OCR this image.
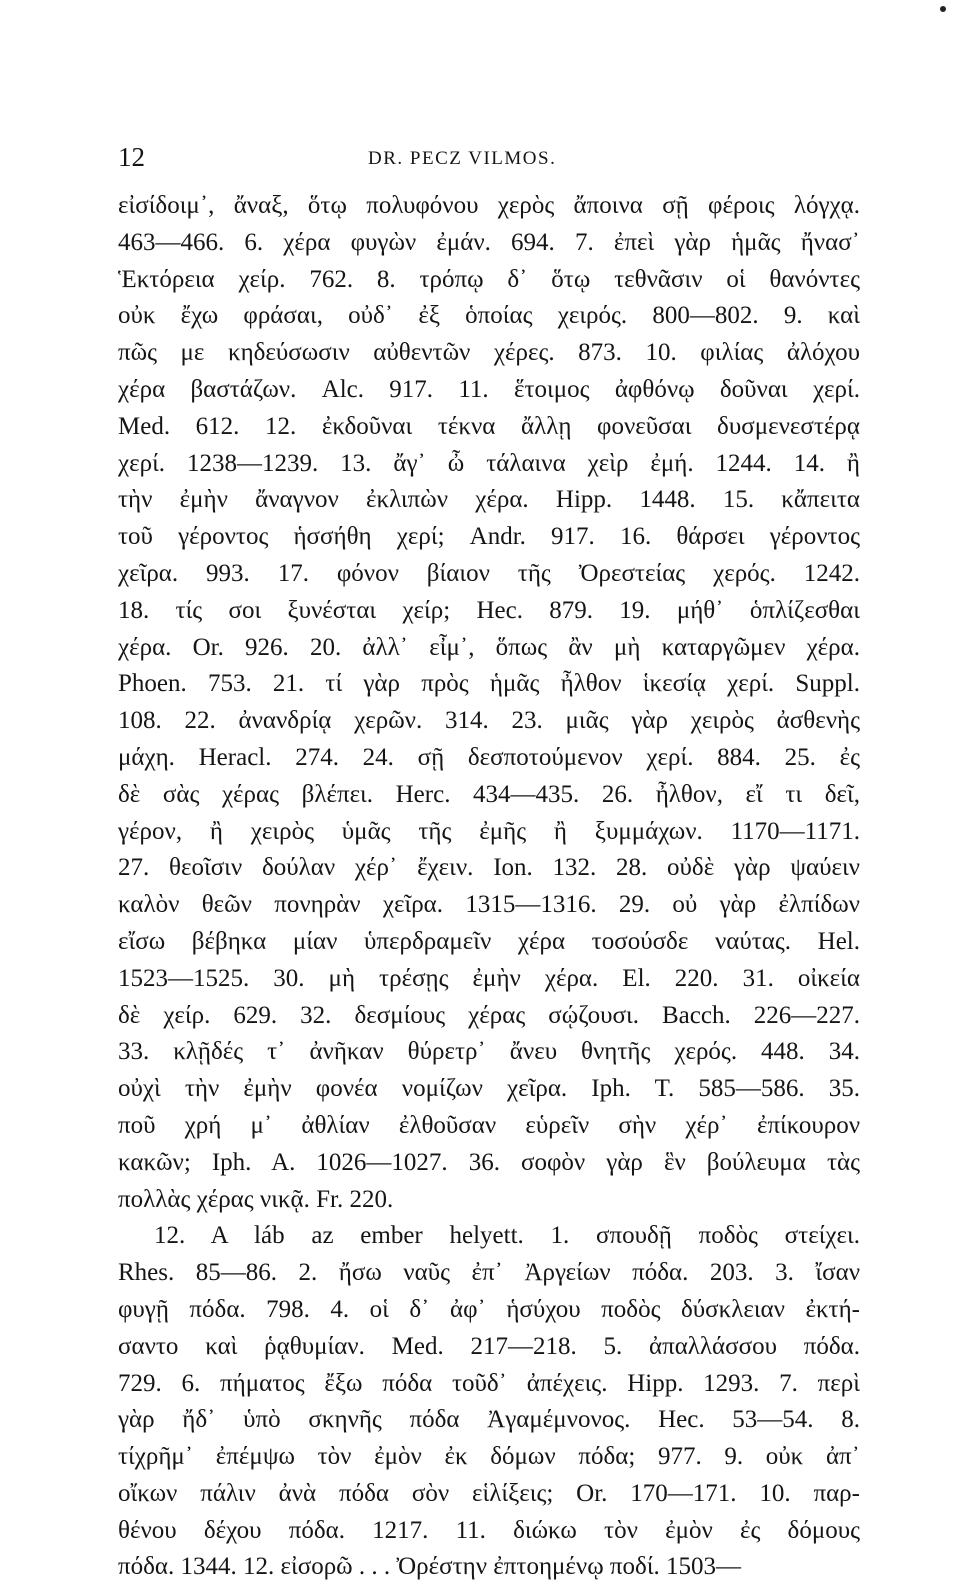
12	DR. PECZ VILMOS.
εἰσίδοιμ᾽, ἄναξ, ὅτῳ πολυφόνου χερὸς ἄποινα σῇ φέροις λόγχᾳ.
463—466. 6. χέρα φυγὼν ἐμάν. 694. 7. ἐπεὶ γὰρ ἡμᾶς ἤνασ᾽
Ἑκτόρεια χείρ. 762. 8. τρόπῳ δ᾽ ὅτῳ τεθνᾶσιν οἱ θανόντες
οὐκ ἔχω φράσαι, οὐδ᾽ ἐξ ὁποίας χειρός. 800—802. 9. καὶ
πῶς με κηδεύσωσιν αὐθεντῶν χέρες. 873. 10. φιλίας ἀλόχου
χέρα βαστάζων. Alc. 917. 11. ἕτοιμος ἀφθόνῳ δοῦναι χερί.
Med. 612. 12. ἐκδοῦναι τέκνα ἄλλῃ φονεῦσαι δυσμενεστέρᾳ
χερί. 1238—1239. 13. ἄγ᾽ ὦ τάλαινα χεὶρ ἐμή. 1244. 14. ἢ
τὴν ἐμὴν ἄναγνον ἐκλιπὼν χέρα. Hipp. 1448. 15. κἄπειτα
τοῦ γέροντος ἡσσήθη χερί; Andr. 917. 16. θάρσει γέροντος
χεῖρα. 993. 17. φόνον βίαιον τῆς Ὀρεστείας χερός. 1242.
18. τίς σοι ξυνέσται χείρ; Hec. 879. 19. μήθ᾽ ὁπλίζεσθαι
χέρα. Or. 926. 20. ἀλλ᾽ εἶμ᾽, ὅπως ἂν μὴ καταργῶμεν χέρα.
Phoen. 753. 21. τί γὰρ πρὸς ἡμᾶς ἦλθον ἱκεσίᾳ χερί. Suppl.
108. 22. ἀνανδρίᾳ χερῶν. 314. 23. μιᾶς γὰρ χειρὸς ἀσθενὴς
μάχη. Heracl. 274. 24. σῇ δεσποτούμενον χερί. 884. 25. ἐς
δὲ σὰς χέρας βλέπει. Herc. 434—435. 26. ἦλθον, εἴ τι δεῖ,
γέρον, ἢ χειρὸς ὑμᾶς τῆς ἐμῆς ἢ ξυμμάχων. 1170—1171.
27. θεοῖσιν δούλαν χέρ᾽ ἔχειν. Ion. 132. 28. οὐδὲ γὰρ ψαύειν
καλὸν θεῶν πονηρὰν χεῖρα. 1315—1316. 29. οὐ γὰρ ἐλπίδων
εἴσω βέβηκα μίαν ὑπερδραμεῖν χέρα τοσούσδε ναύτας. Hel.
1523—1525. 30. μὴ τρέσῃς ἐμὴν χέρα. El. 220. 31. οἰκεία
δὲ χείρ. 629. 32. δεσμίους χέρας σῴζουσι. Bacch. 226—227.
33. κλῇδές τ᾽ ἀνῆκαν θύρετρ᾽ ἄνευ θνητῆς χερός. 448. 34.
οὐχὶ τὴν ἐμὴν φονέα νομίζων χεῖρα. Iph. T. 585—586. 35.
ποῦ χρή μ᾽ ἀθλίαν ἐλθοῦσαν εὑρεῖν σὴν χέρ᾽ ἐπίκουρον
κακῶν; Iph. A. 1026—1027. 36. σοφὸν γὰρ ἓν βούλευμα τὰς
πολλὰς χέρας νικᾷ. Fr. 220.
12. A láb az ember helyett. 1. σπουδῇ ποδὸς στείχει.
Rhes. 85—86. 2. ἤσω ναῦς ἐπ᾽ Ἀργείων πόδα. 203. 3. ἴσαν
φυγῇ πόδα. 798. 4. οἱ δ᾽ ἀφ᾽ ἡσύχου ποδὸς δύσκλειαν ἐκτή-
σαντο καὶ ῥᾳθυμίαν. Med. 217—218. 5. ἀπαλλάσσου πόδα.
729. 6. πήματος ἔξω πόδα τοῦδ᾽ ἀπέχεις. Hipp. 1293. 7. περὶ
γὰρ ἤδ᾽ ὑπὸ σκηνῆς πόδα Ἀγαμέμνονος. Hec. 53—54. 8.
τίχρῆμ᾽ ἐπέμψω τὸν ἐμὸν ἐκ δόμων πόδα; 977. 9. οὐκ ἀπ᾽
οἴκων πάλιν ἀνὰ πόδα σὸν εἱλίξεις; Or. 170—171. 10. παρ-
θένου δέχου πόδα. 1217. 11. διώκω τὸν ἐμὸν ἐς δόμους
πόδα. 1344. 12. εἰσορῶ . . . Ὀρέστην ἐπτοημένῳ ποδί. 1503—
